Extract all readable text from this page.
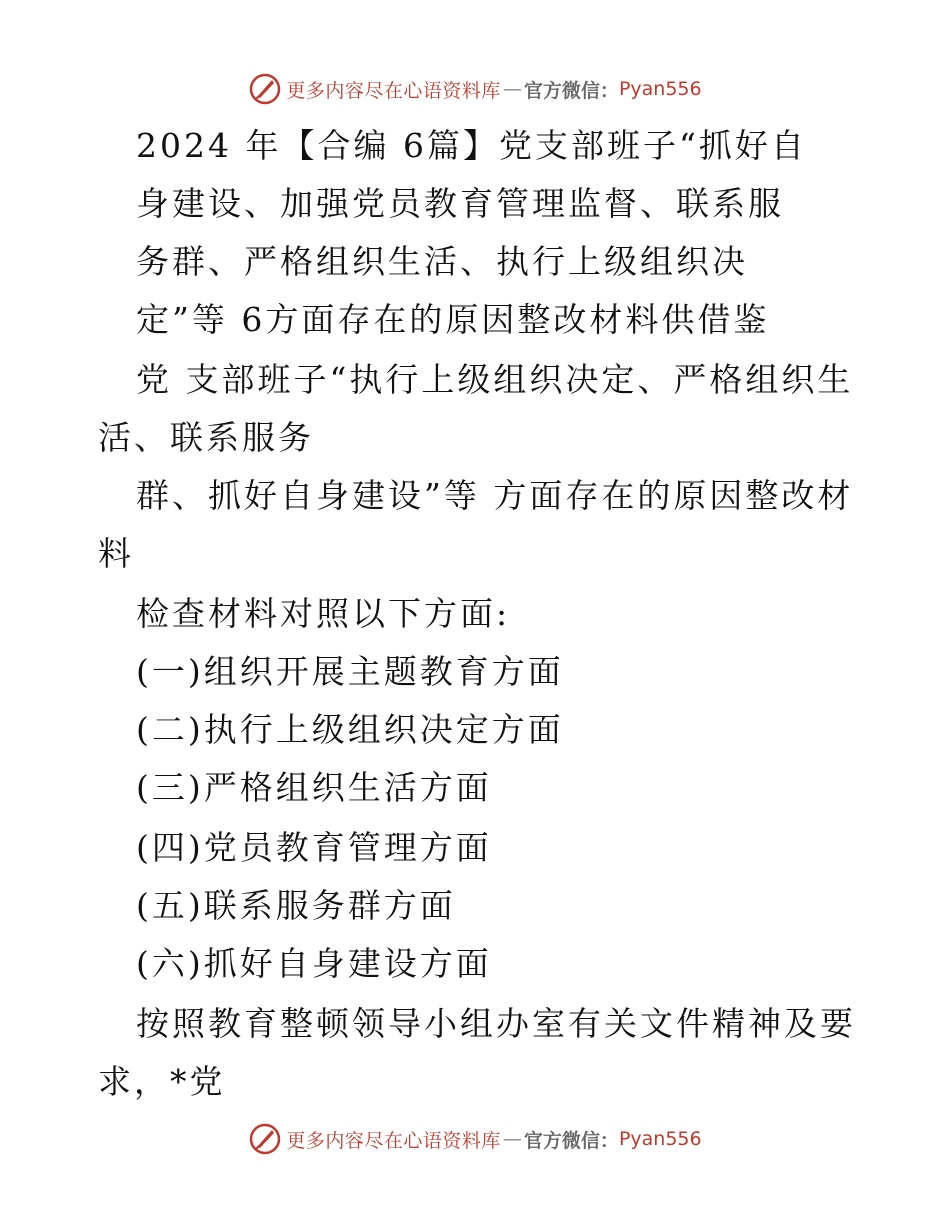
更多内容尽在心语资料库 — 官方微信： Pyan556
2024 年【合编 6篇】党支部班子“抓好自
身建设、加强党员教育管理监督、联系服
务群、严格组织生活、执行上级组织决
定”等 6方面存在的原因整改材料供借鉴
党 支部班子“执行上级组织决定、严格组织生
活、联系服务
群、抓好自身建设”等 方面存在的原因整改材
料
检查材料对照以下方面:
(一)组织开展主题教育方面
(二)执行上级组织决定方面
(三)严格组织生活方面
(四)党员教育管理方面
(五)联系服务群方面
(六)抓好自身建设方面
按照教育整顿领导小组办室有关文件精神及要
求，*党
更多内容尽在心语资料库 — 官方微信： Pyan556
